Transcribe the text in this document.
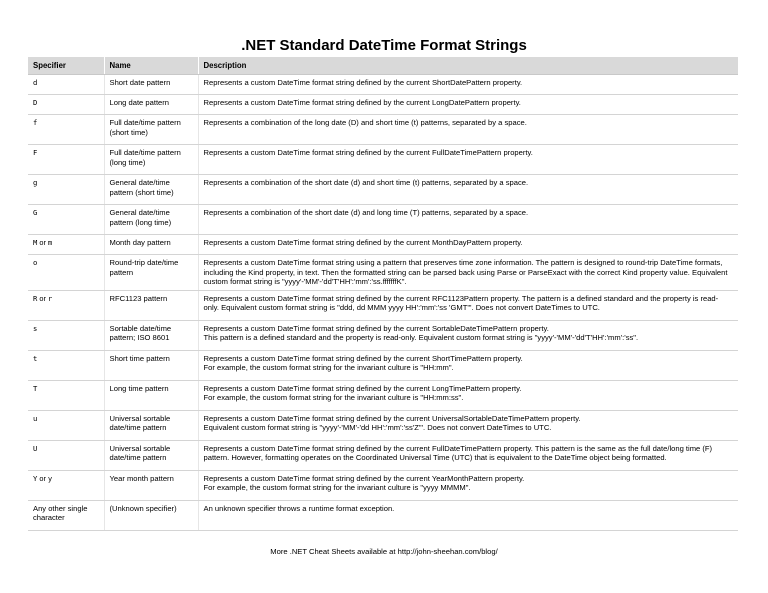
.NET Standard DateTime Format Strings
Specifier	Name	Description
d	Short date pattern	Represents a custom DateTime format string defined by the current ShortDatePattern property.

D	Long date pattern	Represents a custom DateTime format string defined by the current LongDatePattern property.

f	Full date/time pattern (short time)	Represents a combination of the long date (D) and short time (t) patterns, separated by a space.

F	Full date/time pattern (long time)	Represents a custom DateTime format string defined by the current FullDateTimePattern property.

g	General date/time pattern (short time)	Represents a combination of the short date (d) and short time (t) patterns, separated by a space.

G	General date/time pattern (long time)	Represents a combination of the short date (d) and long time (T) patterns, separated by a space.

M or m	Month day pattern	Represents a custom DateTime format string defined by the current MonthDayPattern property.

o	Round-trip date/time pattern	Represents a custom DateTime format string using a pattern that preserves time zone information. The pattern is designed to round-trip DateTime formats, including the Kind property, in text. Then the formatted string can be parsed back using Parse or ParseExact with the correct Kind property value. Equivalent custom format string is "yyyy'-'MM'-'dd'T'HH':'mm':'ss.fffffffK".

R or r	RFC1123 pattern	Represents a custom DateTime format string defined by the current RFC1123Pattern property. The pattern is a defined standard and the property is read-only. Equivalent custom format string is "ddd, dd MMM yyyy HH':'mm':'ss 'GMT'". Does not convert DateTimes to UTC.

s	Sortable date/time pattern; ISO 8601	Represents a custom DateTime format string defined by the current SortableDateTimePattern property.
This pattern is a defined standard and the property is read-only. Equivalent custom format string is "yyyy'-'MM'-'dd'T'HH':'mm':'ss".

t	Short time pattern	Represents a custom DateTime format string defined by the current ShortTimePattern property.
For example, the custom format string for the invariant culture is "HH:mm".

T	Long time pattern	Represents a custom DateTime format string defined by the current LongTimePattern property.
For example, the custom format string for the invariant culture is "HH:mm:ss".

u	Universal sortable date/time pattern	Represents a custom DateTime format string defined by the current UniversalSortableDateTimePattern property.
Equivalent custom format string is "yyyy'-'MM'-'dd HH':'mm':'ss'Z'". Does not convert DateTimes to UTC.

U	Universal sortable date/time pattern	Represents a custom DateTime format string defined by the current FullDateTimePattern property. This pattern is the same as the full date/long time (F) pattern. However, formatting operates on the Coordinated Universal Time (UTC) that is equivalent to the DateTime object being formatted.

Y or y	Year month pattern	Represents a custom DateTime format string defined by the current YearMonthPattern property.
For example, the custom format string for the invariant culture is "yyyy MMMM".

Any other single character	(Unknown specifier)	An unknown specifier throws a runtime format exception.
More .NET Cheat Sheets available at http://john-sheehan.com/blog/
